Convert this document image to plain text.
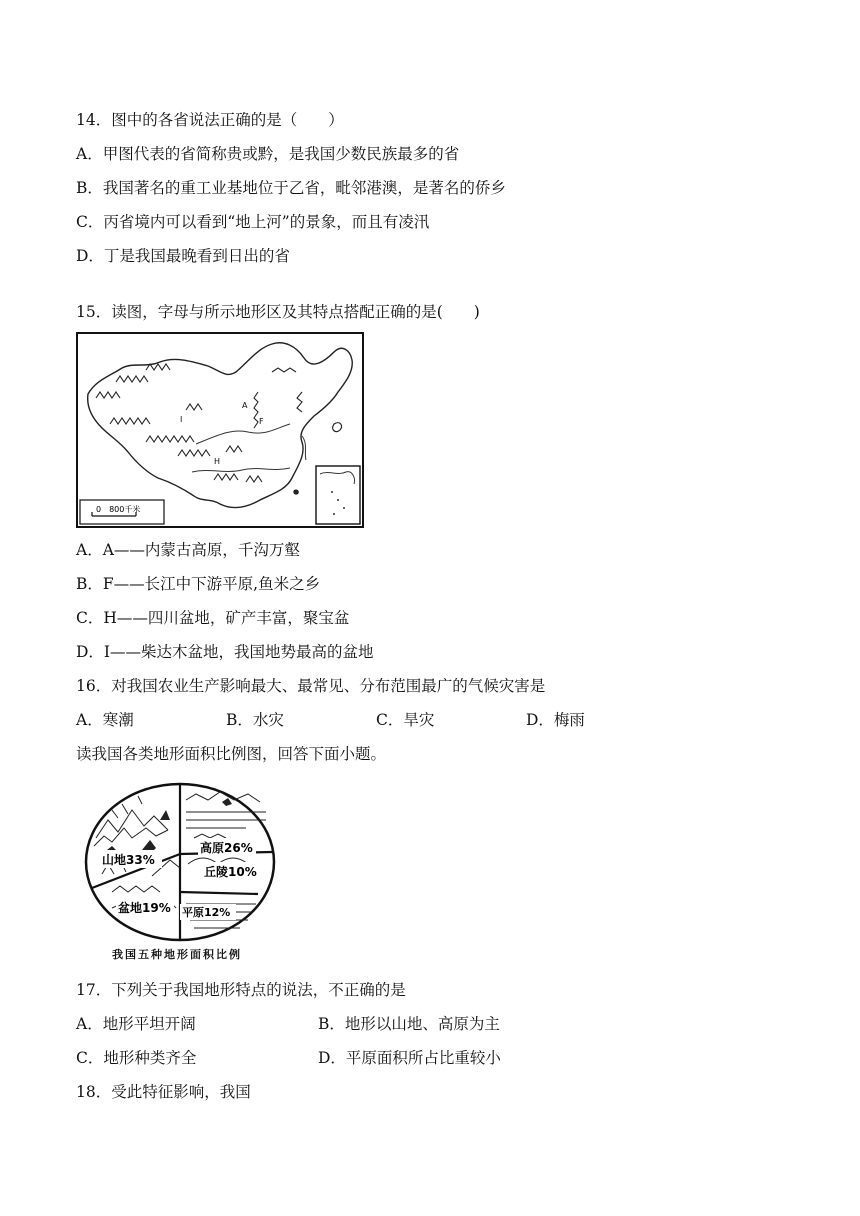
14．图中的各省说法正确的是（　　）
A．甲图代表的省简称贵或黔，是我国少数民族最多的省
B．我国著名的重工业基地位于乙省，毗邻港澳，是著名的侨乡
C．丙省境内可以看到“地上河”的景象，而且有凌汛
D．丁是我国最晚看到日出的省
15．读图，字母与所示地形区及其特点搭配正确的是(　　)
0　800千米
A
F
I
H
A．A——内蒙古高原，千沟万壑
B．F——长江中下游平原,鱼米之乡
C．H——四川盆地，矿产丰富，聚宝盆
D．I——柴达木盆地，我国地势最高的盆地
16．对我国农业生产影响最大、最常见、分布范围最广的气候灾害是
A．寒潮	B．水灾	C．旱灾	D．梅雨
读我国各类地形面积比例图，回答下面小题。
高原26%
山地33%
丘陵10%
盆地19% 平原12%
我国五种地形面积比例
17．下列关于我国地形特点的说法，不正确的是
A．地形平坦开阔	B．地形以山地、高原为主
C．地形种类齐全	D．平原面积所占比重较小
18．受此特征影响，我国
